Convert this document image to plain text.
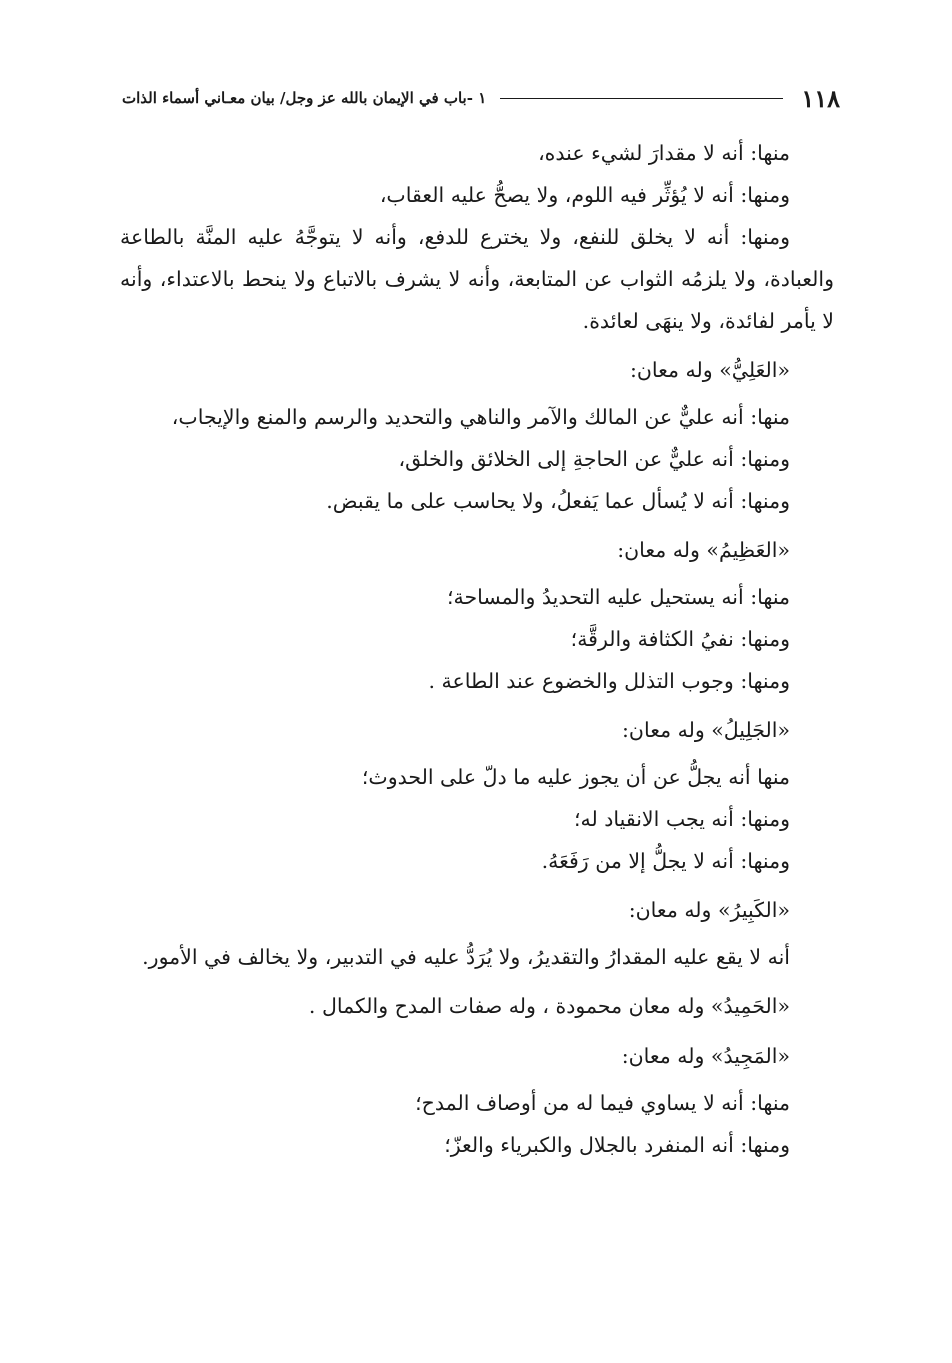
١١٨
١ -باب في الإيمان بالله عز وجل/ بيان معـاني أسماء الذات

منها: أنه لا مقدارَ لشيء عنده،

ومنها: أنه لا يُؤثِّر فيه اللوم، ولا يصحُّ عليه العقاب،

ومنها: أنه لا يخلق للنفع، ولا يخترع للدفع، وأنه لا يتوجَّهُ عليه المنَّة بالطاعة والعبادة، ولا يلزمُه الثواب عن المتابعة، وأنه لا يشرف بالاتباع ولا ينحط بالاعتداء، وأنه لا يأمر لفائدة، ولا ينهَى لعائدة.

«العَلِيُّ» وله معان:

منها: أنه عليٌّ عن المالك والآمر والناهي والتحديد والرسم والمنع والإيجاب،

ومنها: أنه عليٌّ عن الحاجةِ إلى الخلائق والخلق،

ومنها: أنه لا يُسأل عما يَفعلُ، ولا يحاسب على ما يقبض.

«العَظِيمُ» وله معان:

منها: أنه يستحيل عليه التحديدُ والمساحة؛

ومنها: نفيُ الكثافة والرقَّة؛

ومنها: وجوب التذلل والخضوع عند الطاعة .

«الجَلِيلُ» وله معان:

منها أنه يجلُّ عن أن يجوز عليه ما دلّ على الحدوث؛

ومنها: أنه يجب الانقياد له؛

ومنها: أنه لا يجلُّ إلا من رَفَعَهُ.

«الكَبِيرُ» وله معان:

أنه لا يقع عليه المقدارُ والتقديرُ، ولا يُرَدُّ عليه في التدبير، ولا يخالف في الأمور.

«الحَمِيدُ» وله معان محمودة ، وله صفات المدح والكمال .

«المَجِيدُ» وله معان:

منها: أنه لا يساوي فيما له من أوصاف المدح؛

ومنها: أنه المنفرد بالجلال والكبرياء والعزّ؛
